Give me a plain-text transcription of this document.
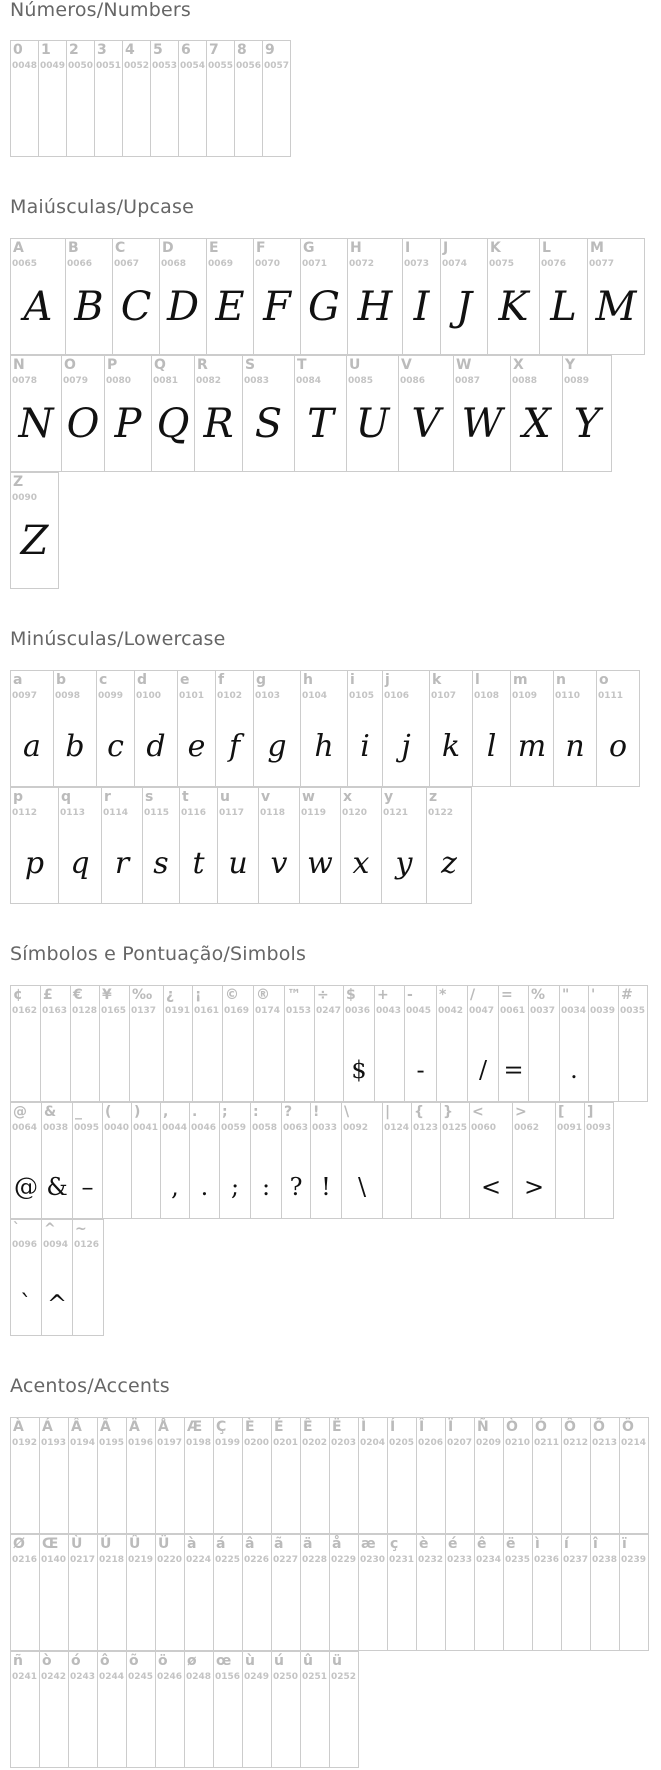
Números/Numbers
0
0048
1
0049
2
0050
3
0051
4
0052
5
0053
6
0054
7
0055
8
0056
9
0057
Maiúsculas/Upcase
A
0065
A
B
0066
B
C
0067
C
D
0068
D
E
0069
E
F
0070
F
G
0071
G
H
0072
H
I
0073
I
J
0074
J
K
0075
K
L
0076
L
M
0077
M
N
0078
N
O
0079
O
P
0080
P
Q
0081
Q
R
0082
R
S
0083
S
T
0084
T
U
0085
U
V
0086
V
W
0087
W
X
0088
X
Y
0089
Y
Z
0090
Z
Minúsculas/Lowercase
a
0097
a
b
0098
b
c
0099
c
d
0100
d
e
0101
e
f
0102
f
g
0103
g
h
0104
h
i
0105
i
j
0106
j
k
0107
k
l
0108
l
m
0109
m
n
0110
n
o
0111
o
p
0112
p
q
0113
q
r
0114
r
s
0115
s
t
0116
t
u
0117
u
v
0118
v
w
0119
w
x
0120
x
y
0121
y
z
0122
z
Símbolos e Pontuação/Simbols
¢
0162
£
0163
€
0128
¥
0165
‰
0137
¿
0191
¡
0161
©
0169
®
0174
™
0153
÷
0247
$
0036
$
+
0043
-
0045
-
*
0042
/
0047
/
=
0061
=
%
0037
"
0034
.
'
0039
#
0035
@
0064
@
&
0038
&
_
0095
–
(
0040
)
0041
,
0044
,
.
0046
.
;
0059
;
:
0058
:
?
0063
?
!
0033
!
\
0092
\
|
0124
{
0123
}
0125
<
0060
<
>
0062
>
[
0091
]
0093
`
0096
`
^
0094
^
~
0126
Acentos/Accents
À
0192
Á
0193
Â
0194
Ã
0195
Ä
0196
Å
0197
Æ
0198
Ç
0199
È
0200
É
0201
Ê
0202
Ë
0203
Ì
0204
Í
0205
Î
0206
Ï
0207
Ñ
0209
Ò
0210
Ó
0211
Ô
0212
Õ
0213
Ö
0214
Ø
0216
Œ
0140
Ù
0217
Ú
0218
Û
0219
Ü
0220
à
0224
á
0225
â
0226
ã
0227
ä
0228
å
0229
æ
0230
ç
0231
è
0232
é
0233
ê
0234
ë
0235
ì
0236
í
0237
î
0238
ï
0239
ñ
0241
ò
0242
ó
0243
ô
0244
õ
0245
ö
0246
ø
0248
œ
0156
ù
0249
ú
0250
û
0251
ü
0252
